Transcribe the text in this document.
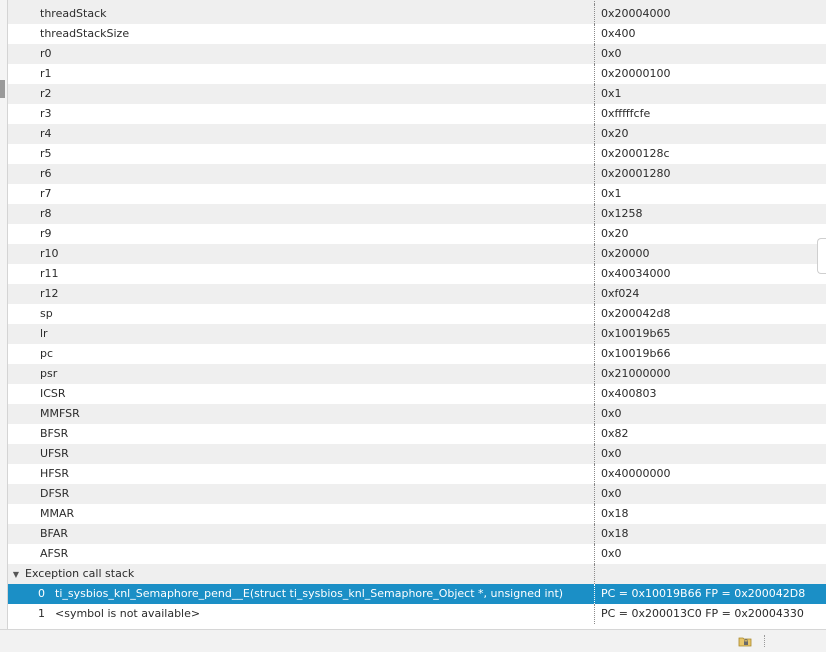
threadStack	0x20004000
threadStackSize	0x400
r0	0x0
r1	0x20000100
r2	0x1
r3	0xfffffcfe
r4	0x20
r5	0x2000128c
r6	0x20001280
r7	0x1
r8	0x1258
r9	0x20
r10	0x20000
r11	0x40034000
r12	0xf024
sp	0x200042d8
lr	0x10019b65
pc	0x10019b66
psr	0x21000000
ICSR	0x400803
MMFSR	0x0
BFSR	0x82
UFSR	0x0
HFSR	0x40000000
DFSR	0x0
MMAR	0x18
BFAR	0x18
AFSR	0x0
▼ Exception call stack
0 ti_sysbios_knl_Semaphore_pend__E(struct ti_sysbios_knl_Semaphore_Object *, unsigned int)	PC = 0x10019B66 FP = 0x200042D8
1 <symbol is not available>	PC = 0x200013C0 FP = 0x20004330
